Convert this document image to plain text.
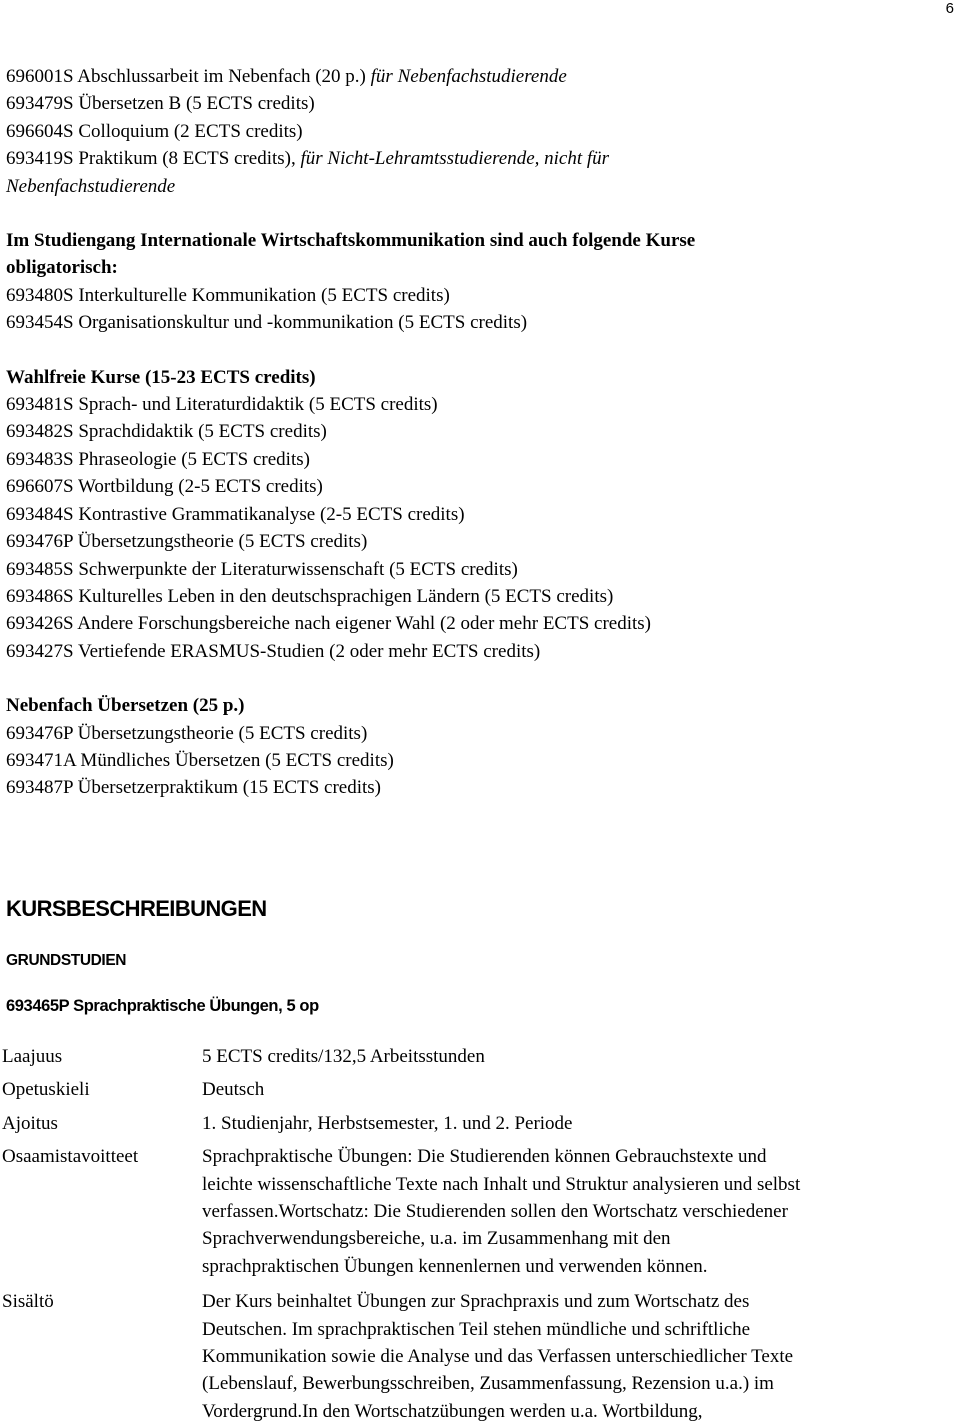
6
696001S Abschlussarbeit im Nebenfach (20 p.) für Nebenfachstudierende
693479S Übersetzen B (5 ECTS credits)
696604S Colloquium (2 ECTS credits)
693419S Praktikum (8 ECTS credits), für Nicht-Lehramtsstudierende, nicht für
Nebenfachstudierende
Im Studiengang Internationale Wirtschaftskommunikation sind auch folgende Kurse
obligatorisch:
693480S Interkulturelle Kommunikation (5 ECTS credits)
693454S Organisationskultur und -kommunikation (5 ECTS credits)
Wahlfreie Kurse (15-23 ECTS credits)
693481S Sprach- und Literaturdidaktik (5 ECTS credits)
693482S Sprachdidaktik (5 ECTS credits)
693483S Phraseologie (5 ECTS credits)
696607S Wortbildung (2-5 ECTS credits)
693484S Kontrastive Grammatikanalyse (2-5 ECTS credits)
693476P Übersetzungstheorie (5 ECTS credits)
693485S Schwerpunkte der Literaturwissenschaft (5 ECTS credits)
693486S Kulturelles Leben in den deutschsprachigen Ländern (5 ECTS credits)
693426S Andere Forschungsbereiche nach eigener Wahl (2 oder mehr ECTS credits)
693427S Vertiefende ERASMUS-Studien (2 oder mehr ECTS credits)
Nebenfach Übersetzen (25 p.)
693476P Übersetzungstheorie (5 ECTS credits)
693471A Mündliches Übersetzen (5 ECTS credits)
693487P Übersetzerpraktikum (15 ECTS credits)
KURSBESCHREIBUNGEN
GRUNDSTUDIEN
693465P Sprachpraktische Übungen, 5 op
Laajuus	5 ECTS credits/132,5 Arbeitsstunden
Opetuskieli	Deutsch
Ajoitus	1. Studienjahr, Herbstsemester, 1. und 2. Periode
Osaamistavoitteet	Sprachpraktische Übungen: Die Studierenden können Gebrauchstexte und
leichte wissenschaftliche Texte nach Inhalt und Struktur analysieren und selbst
verfassen.Wortschatz: Die Studierenden sollen den Wortschatz verschiedener
Sprachverwendungsbereiche, u.a. im Zusammenhang mit den
sprachpraktischen Übungen kennenlernen und verwenden können.
Sisältö	Der Kurs beinhaltet Übungen zur Sprachpraxis und zum Wortschatz des
Deutschen. Im sprachpraktischen Teil stehen mündliche und schriftliche
Kommunikation sowie die Analyse und das Verfassen unterschiedlicher Texte
(Lebenslauf, Bewerbungsschreiben, Zusammenfassung, Rezension u.a.) im
Vordergrund.In den Wortschatzübungen werden u.a. Wortbildung,
